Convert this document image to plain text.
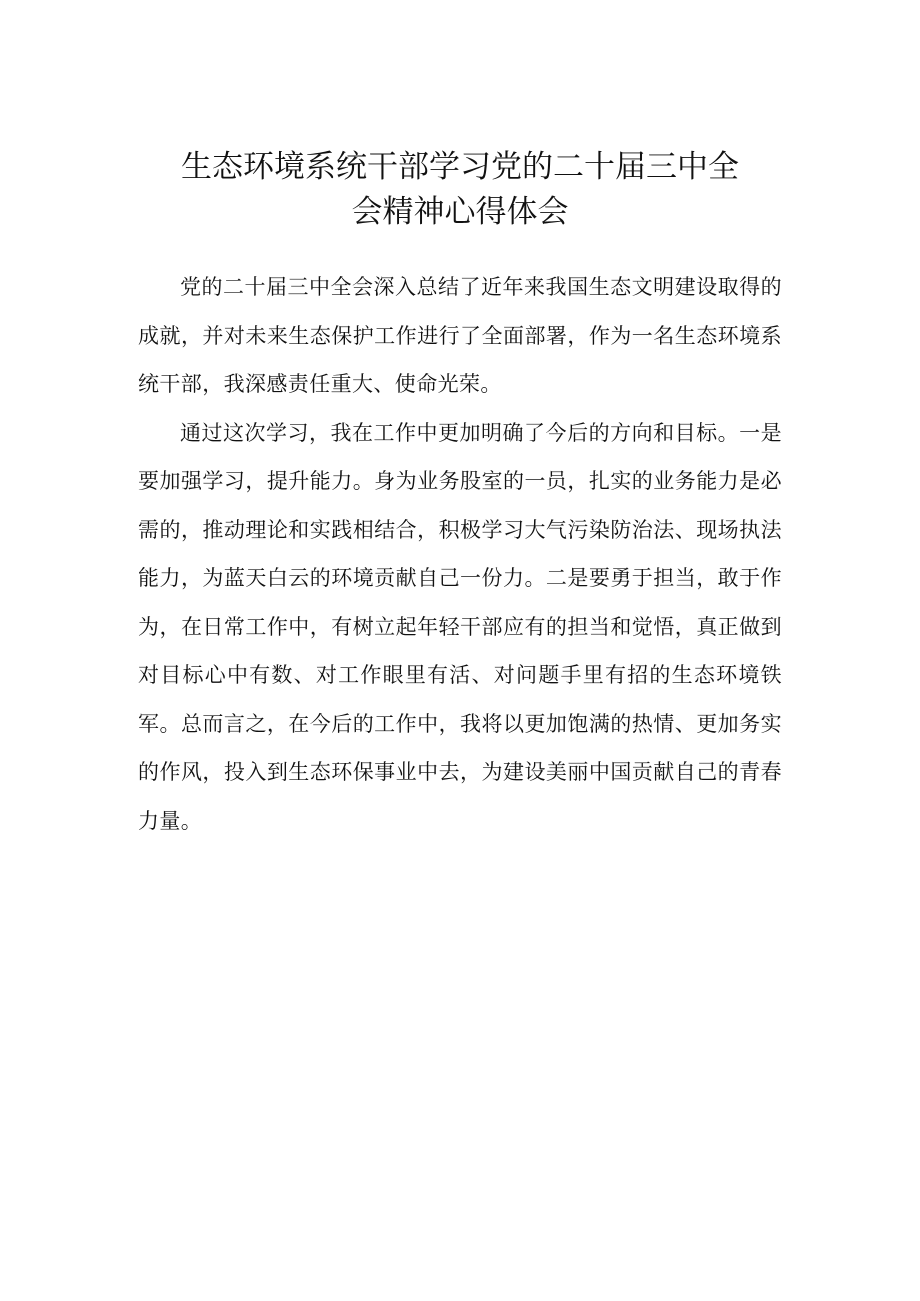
生态环境系统干部学习党的二十届三中全
会精神心得体会

党的二十届三中全会深入总结了近年来我国生态文明建设取得的成就，并对未来生态保护工作进行了全面部署，作为一名生态环境系统干部，我深感责任重大、使命光荣。

通过这次学习，我在工作中更加明确了今后的方向和目标。一是要加强学习，提升能力。身为业务股室的一员，扎实的业务能力是必需的，推动理论和实践相结合，积极学习大气污染防治法、现场执法能力，为蓝天白云的环境贡献自己一份力。二是要勇于担当，敢于作为，在日常工作中，有树立起年轻干部应有的担当和觉悟，真正做到对目标心中有数、对工作眼里有活、对问题手里有招的生态环境铁军。总而言之，在今后的工作中，我将以更加饱满的热情、更加务实的作风，投入到生态环保事业中去，为建设美丽中国贡献自己的青春力量。
